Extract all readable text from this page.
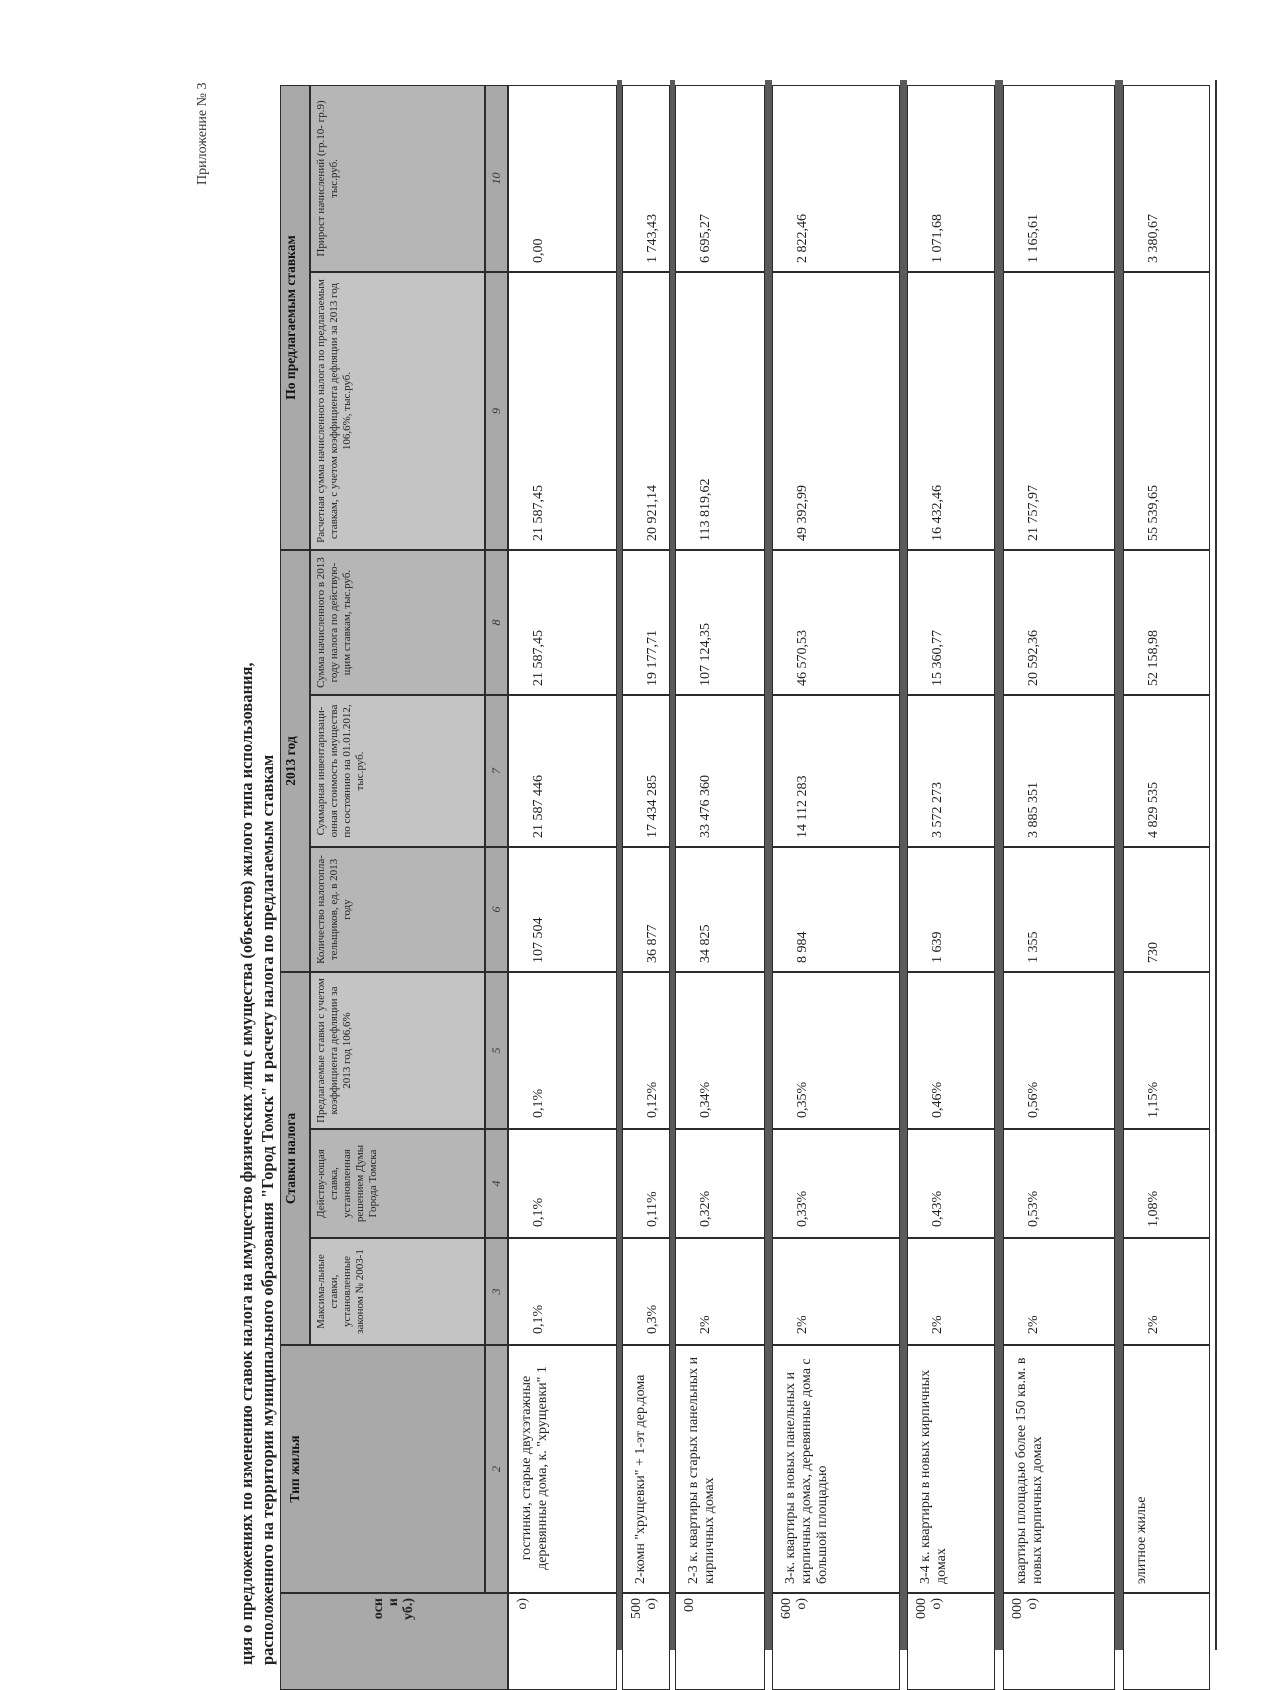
Приложение № 3
ция о предложениях по изменению ставок налога на имущество физических лиц с имущества (объектов) жилого типа использования, расположенного на территории муниципального образования "Город Томск" и расчету налога по предлагаемым ставкам	оси
и
уб.)
Тип жилья
Ставки налога
2013 год
По предлагаемым ставкам
Максима-льные ставки, установленные законом № 2003-1
Действу-ющая ставка, установленная решением Думы Города Томска
Предлагаемые ставки с учетом коэффициента дефляции за 2013 год 106,6%
Количество налогопла-тельщиков, ед. в 2013 году
Суммарная инвентаризаци-онная стоимость имущества по состоянию на 01.01.2012, тыс.руб.
Сумма начисленного в 2013 году налога по действую-щим ставкам, тыс.руб.
Расчетная сумма начисленного налога по предлагаемым ставкам, с учетом коэффициента дефляции за 2013 год 106,6%, тыс.руб.
Прирост начислений (гр.10- гр.9) тыс.руб.
2
3
4
5
6
7
8
9
10
о)
гостинки, старые двухэтажные деревянные дома, к. "хрущевки" 1
0,1%
0,1%
0,1%
107 504
21 587 446
21 587,45
21 587,45
0,00
500
о)
2-комн "хрущевки" + 1-эт дер.дома
0,3%
0,11%
0,12%
36 877
17 434 285
19 177,71
20 921,14
1 743,43
00
2-3 к. квартиры в старых панельных и кирпичных домах
2%
0,32%
0,34%
34 825
33 476 360
107 124,35
113 819,62
6 695,27
600
о)
3-к. квартиры в новых панельных и кирпичных домах, деревянные дома с большой площадью
2%
0,33%
0,35%
8 984
14 112 283
46 570,53
49 392,99
2 822,46
000
о)
3-4 к. квартиры в новых кирпичных домах
2%
0,43%
0,46%
1 639
3 572 273
15 360,77
16 432,46
1 071,68
000
о)
квартиры площадью более 150 кв.м. в новых кирпичных домах
2%
0,53%
0,56%
1 355
3 885 351
20 592,36
21 757,97
1 165,61
элитное жилье
2%
1,08%
1,15%
730
4 829 535
52 158,98
55 539,65
3 380,67
